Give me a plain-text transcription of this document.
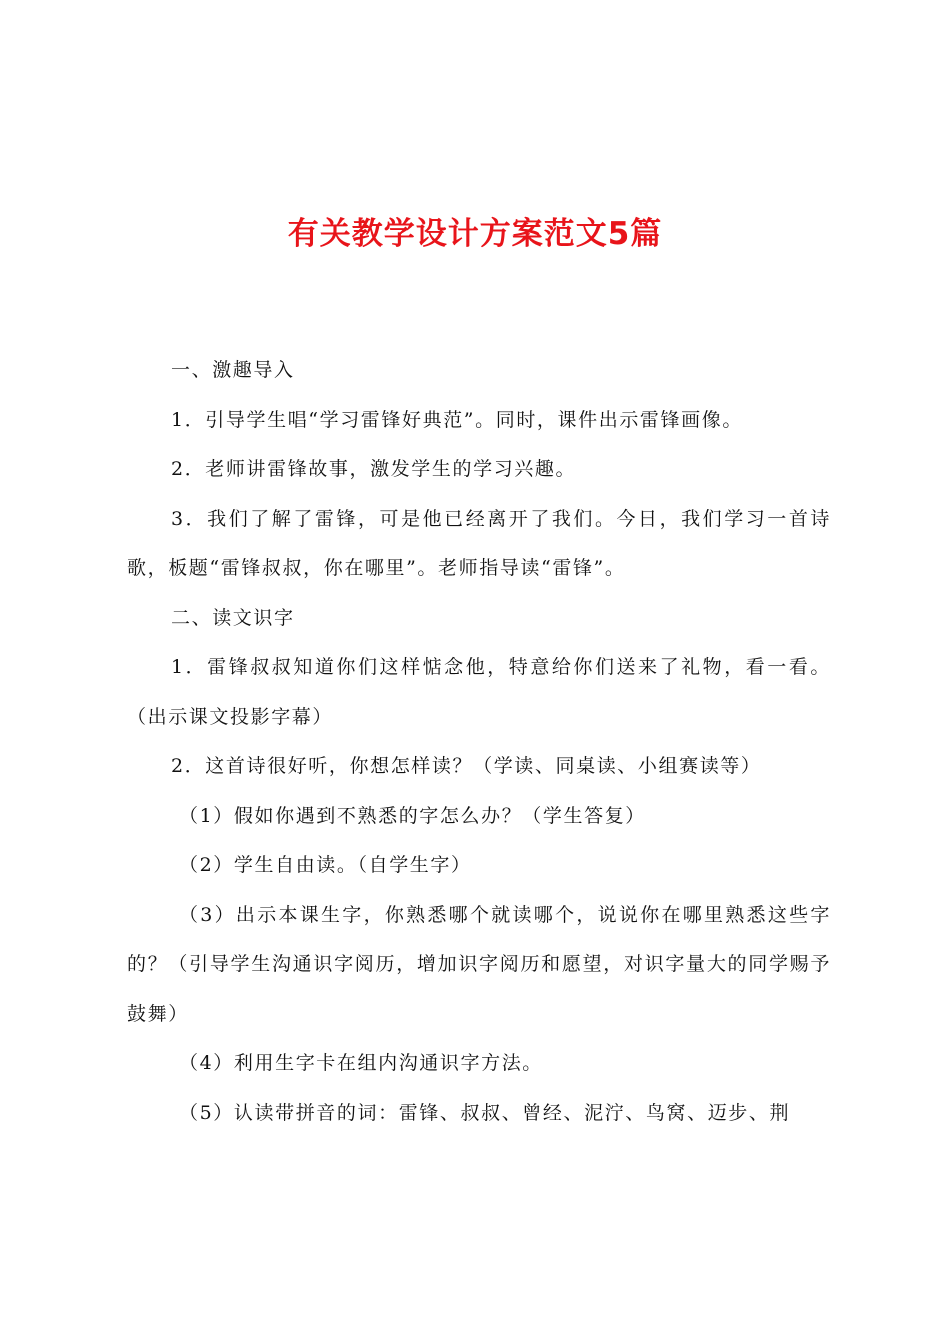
有关教学设计方案范文5篇

一、激趣导入

1．引导学生唱“学习雷锋好典范”。同时，课件出示雷锋画像。

2．老师讲雷锋故事，激发学生的学习兴趣。

3．我们了解了雷锋，可是他已经离开了我们。今日，我们学习一首诗歌，板题“雷锋叔叔，你在哪里”。老师指导读“雷锋”。

二、读文识字

1．雷锋叔叔知道你们这样惦念他，特意给你们送来了礼物，看一看。（出示课文投影字幕）

2．这首诗很好听，你想怎样读？（学读、同桌读、小组赛读等）

（1）假如你遇到不熟悉的字怎么办？（学生答复）

（2）学生自由读。（自学生字）

（3）出示本课生字，你熟悉哪个就读哪个，说说你在哪里熟悉这些字的？（引导学生沟通识字阅历，增加识字阅历和愿望，对识字量大的同学赐予鼓舞）

（4）利用生字卡在组内沟通识字方法。

（5）认读带拼音的词：雷锋、叔叔、曾经、泥泞、鸟窝、迈步、荆
